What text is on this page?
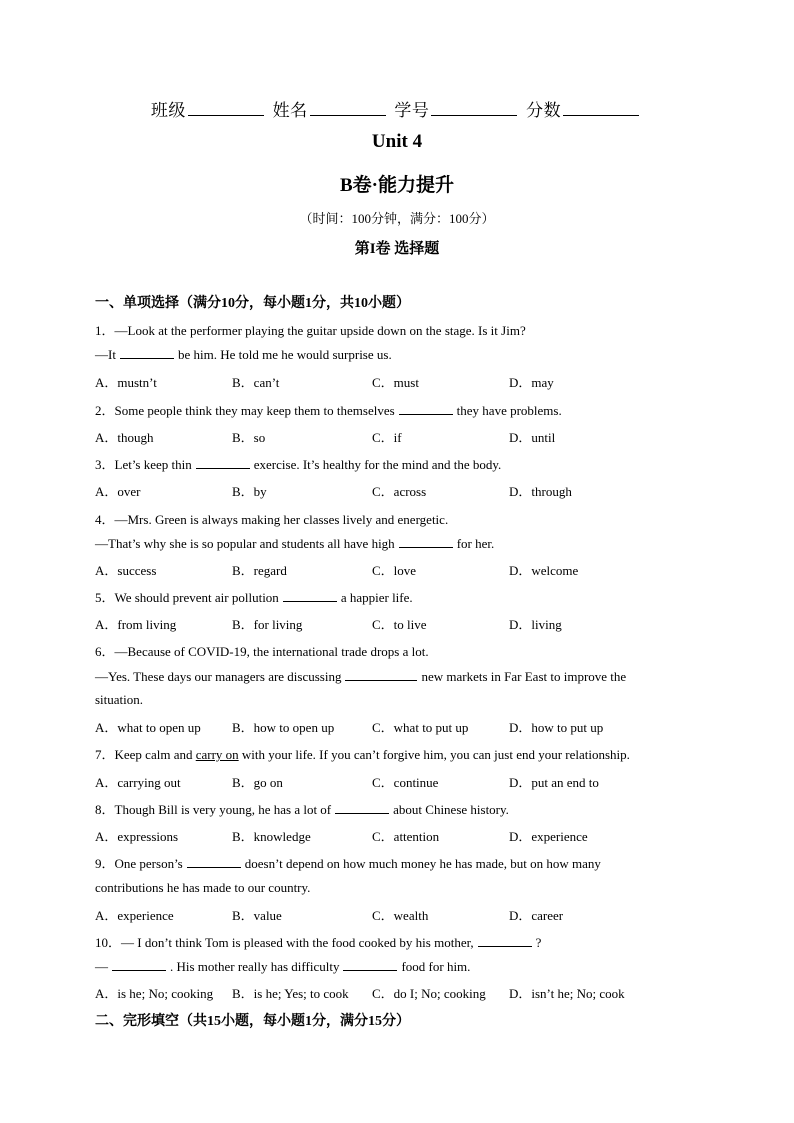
班级	姓名	学号	分数
Unit 4
B卷·能力提升
（时间：100分钟，满分：100分）
第I卷 选择题
一、单项选择（满分10分，每小题1分，共10小题）
1．—Look at the performer playing the guitar upside down on the stage. Is it Jim?
—It	be him. He told me he would surprise us.
A．mustn’t	B．can’t	C．must	D．may
2．Some people think they may keep them to themselves	they have problems.
A．though	B．so	C．if	D．until
3．Let’s keep thin	exercise. It’s healthy for the mind and the body.
A．over	B．by	C．across	D．through
4．—Mrs. Green is always making her classes lively and energetic.
—That’s why she is so popular and students all have high	for her.
A．success	B．regard	C．love	D．welcome
5．We should prevent air pollution	a happier life.
A．from living	B．for living	C．to live	D．living
6．—Because of COVID-19, the international trade drops a lot.
—Yes. These days our managers are discussing	new markets in Far East to improve the
situation.
A．what to open up B．how to open up	C．what to put up	D．how to put up
7．Keep calm and carry on with your life. If you can’t forgive him, you can just end your relationship.
A．carrying out	B．go on	C．continue	D．put an end to
8．Though Bill is very young, he has a lot of	about Chinese history.
A．expressions	B．knowledge	C．attention	D．experience
9．One person’s	doesn’t depend on how much money he has made, but on how many
contributions he has made to our country.
A．experience	B．value	C．wealth	D．career
10．— I don’t think Tom is pleased with the food cooked by his mother,	?
—	. His mother really has difficulty	food for him.
A．is he; No; cooking B．is he; Yes; to cook C．do I; No; cooking D．isn’t he; No; cook
二、完形填空（共15小题，每小题1分，满分15分）
